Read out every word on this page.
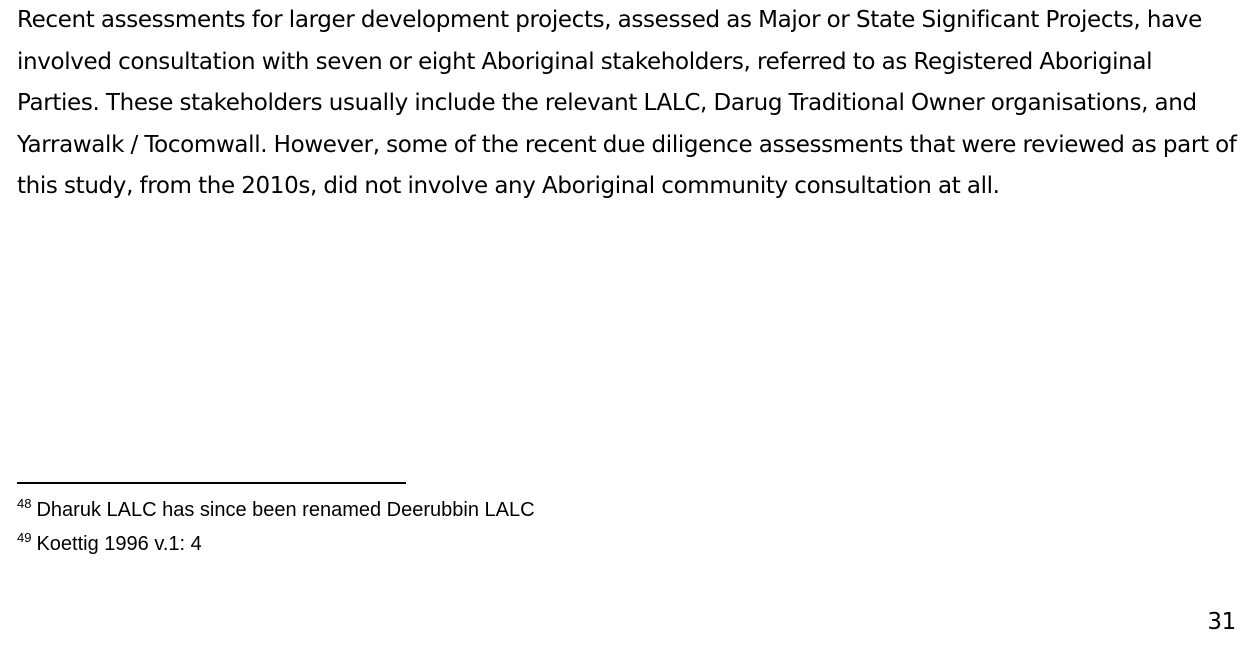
Recent assessments for larger development projects, assessed as Major or State Significant Projects, have involved consultation with seven or eight Aboriginal stakeholders, referred to as Registered Aboriginal Parties. These stakeholders usually include the relevant LALC, Darug Traditional Owner organisations, and Yarrawalk / Tocomwall. However, some of the recent due diligence assessments that were reviewed as part of this study, from the 2010s, did not involve any Aboriginal community consultation at all.

$^{48}$ Dharuk LALC has since been renamed Deerubbin LALC
$^{49}$ Koettig 1996 v.1: 4
31
